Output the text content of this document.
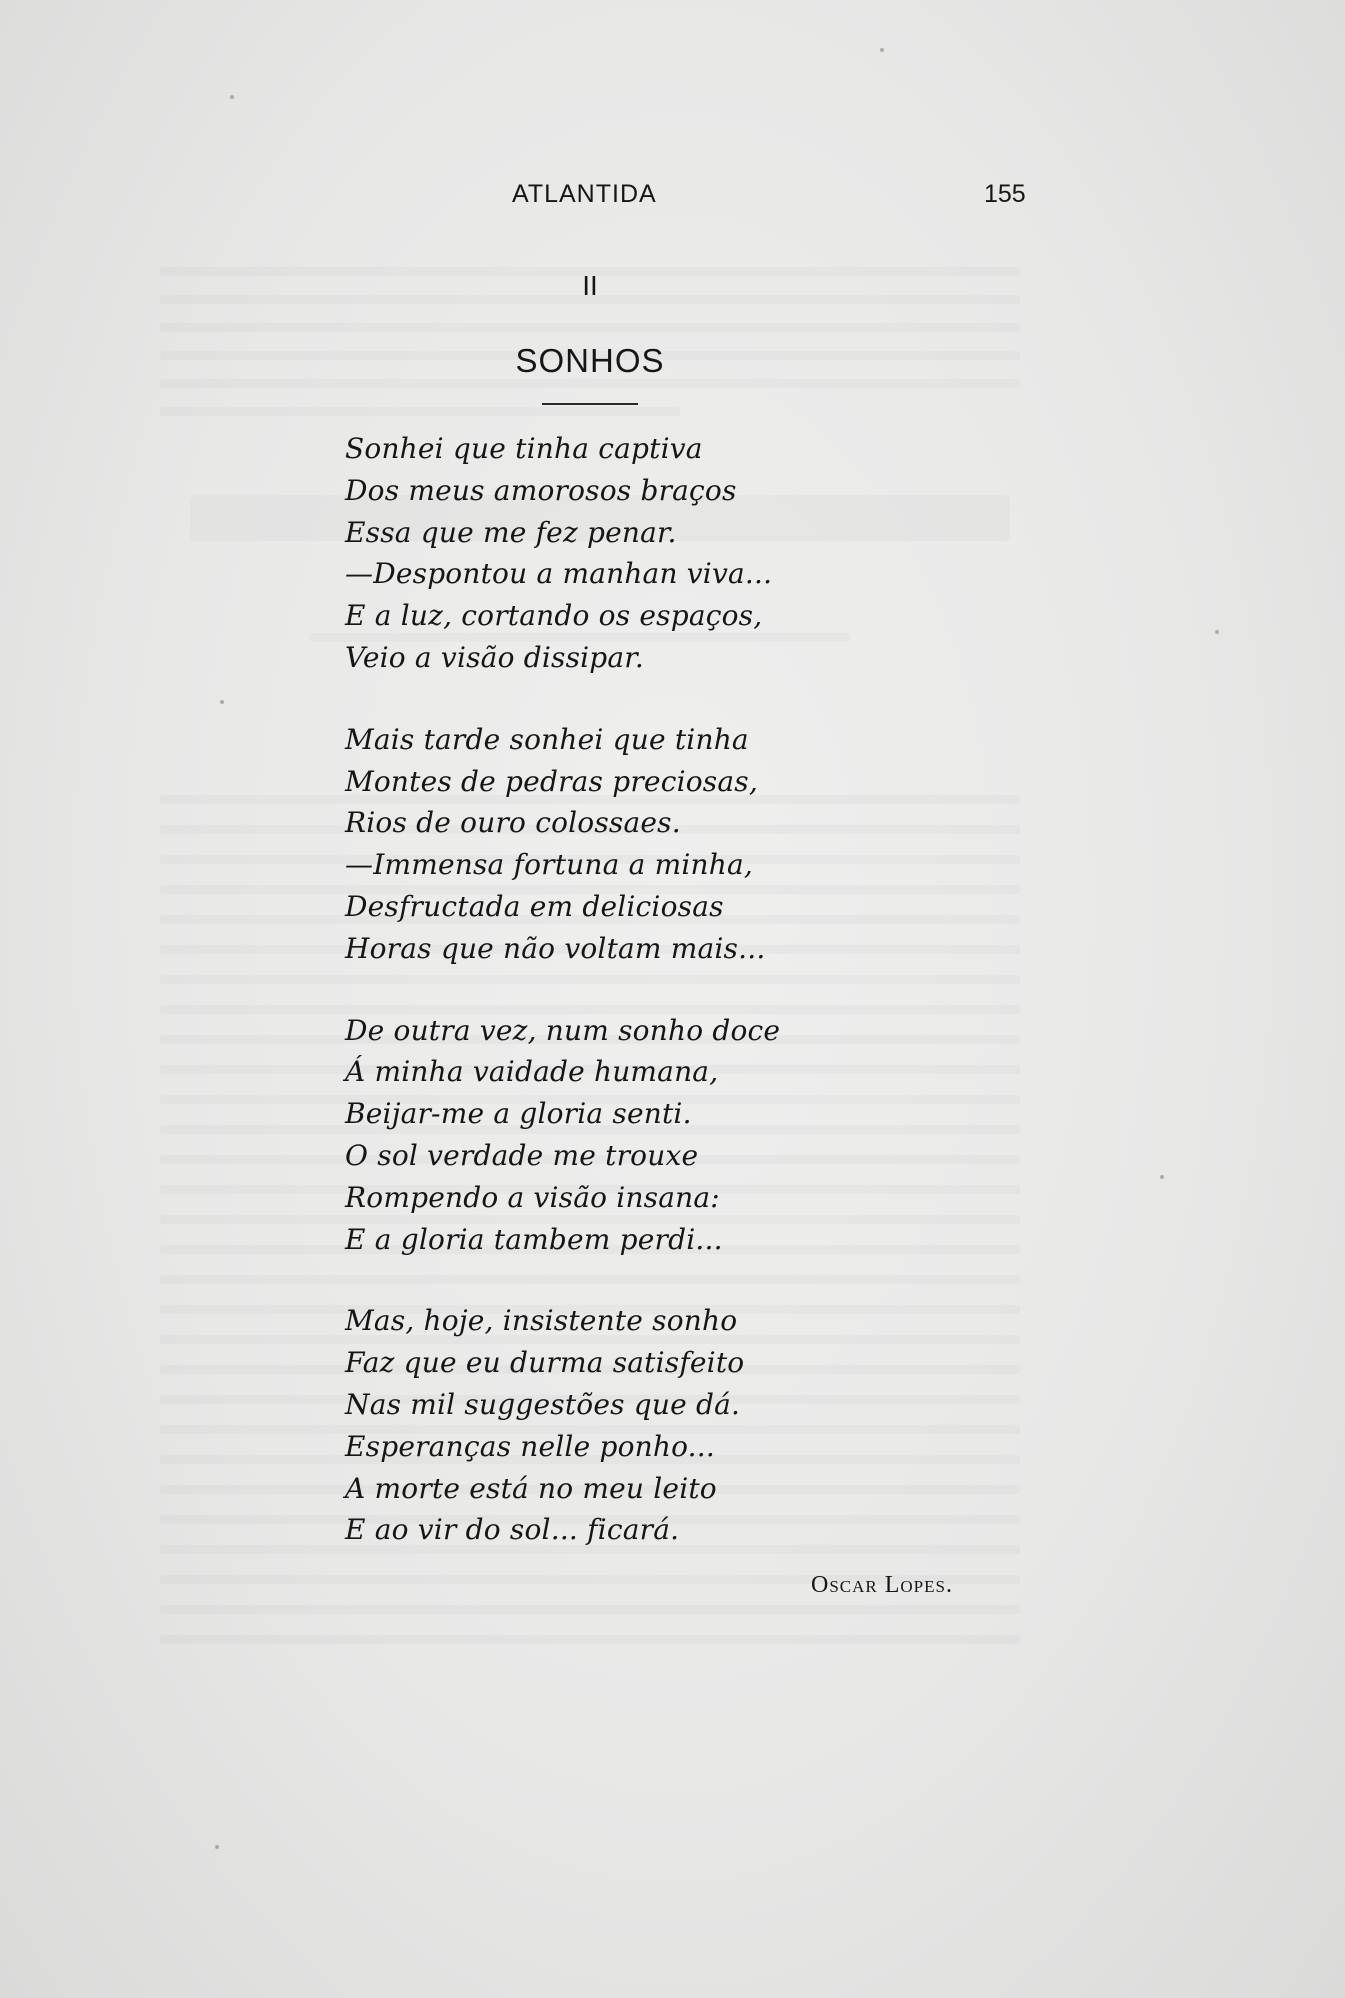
ATLANTIDA	155
II
SONHOS
Sonhei que tinha captiva
Dos meus amorosos braços
Essa que me fez penar.
—Despontou a manhan viva...
E a luz, cortando os espaços,
Veio a visão dissipar.
Mais tarde sonhei que tinha
Montes de pedras preciosas,
Rios de ouro colossaes.
—Immensa fortuna a minha,
Desfructada em deliciosas
Horas que não voltam mais...
De outra vez, num sonho doce
Á minha vaidade humana,
Beijar-me a gloria senti.
O sol verdade me trouxe
Rompendo a visão insana:
E a gloria tambem perdi...
Mas, hoje, insistente sonho
Faz que eu durma satisfeito
Nas mil suggestões que dá.
Esperanças nelle ponho...
A morte está no meu leito
E ao vir do sol... ficará.
Oscar Lopes.
